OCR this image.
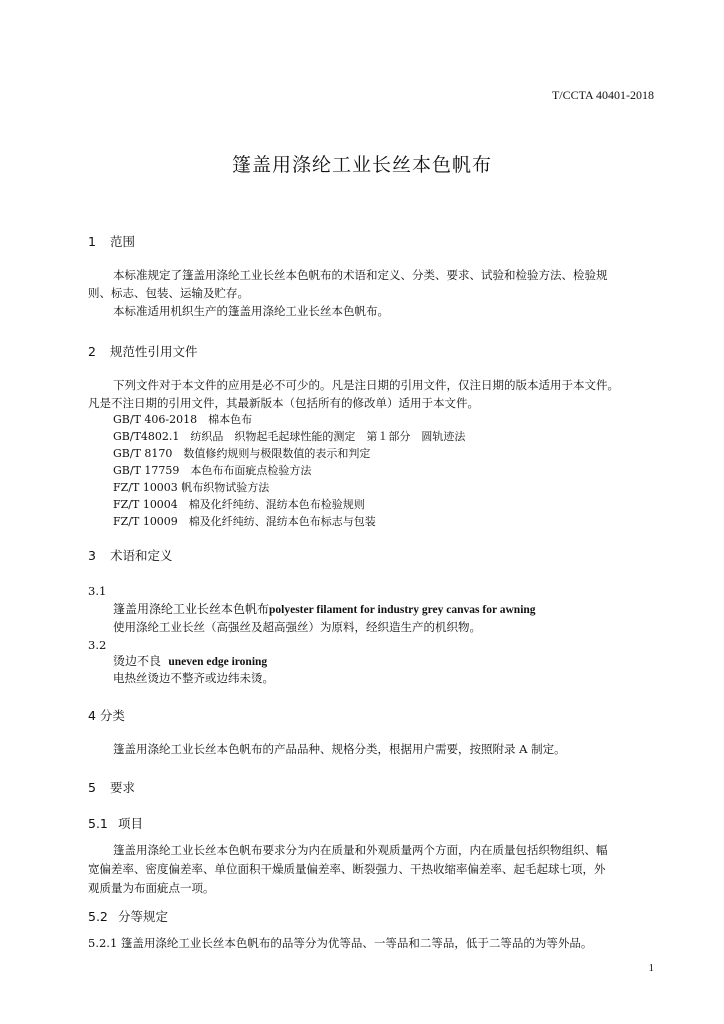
T/CCTA 40401-2018
篷盖用涤纶工业长丝本色帆布
1 范围
本标准规定了篷盖用涤纶工业长丝本色帆布的术语和定义、分类、要求、试验和检验方法、检验规
则、标志、包装、运输及贮存。
本标准适用机织生产的篷盖用涤纶工业长丝本色帆布。
2 规范性引用文件
下列文件对于本文件的应用是必不可少的。凡是注日期的引用文件，仅注日期的版本适用于本文件。
凡是不注日期的引用文件，其最新版本（包括所有的修改单）适用于本文件。
GB/T 406-2018　棉本色布
GB/T4802.1　纺织品　织物起毛起球性能的测定　第１部分　圆轨迹法
GB/T 8170　数值修约规则与极限数值的表示和判定
GB/T 17759　本色布布面疵点检验方法
FZ/T 10003 帆布织物试验方法
FZ/T 10004　棉及化纤纯纺、混纺本色布检验规则
FZ/T 10009　棉及化纤纯纺、混纺本色布标志与包装
3 术语和定义
3.1
篷盖用涤纶工业长丝本色帆布polyester filament for industry grey canvas for awning
使用涤纶工业长丝（高强丝及超高强丝）为原料，经织造生产的机织物。
3.2
烫边不良 uneven edge ironing
电热丝烫边不整齐或边纬未烫。
4 分类
篷盖用涤纶工业长丝本色帆布的产品品种、规格分类，根据用户需要，按照附录 A 制定。
5 要求
5.1 项目
篷盖用涤纶工业长丝本色帆布要求分为内在质量和外观质量两个方面，内在质量包括织物组织、幅
宽偏差率、密度偏差率、单位面积干燥质量偏差率、断裂强力、干热收缩率偏差率、起毛起球七项，外
观质量为布面疵点一项。
5.2 分等规定
5.2.1 篷盖用涤纶工业长丝本色帆布的品等分为优等品、一等品和二等品，低于二等品的为等外品。
1
